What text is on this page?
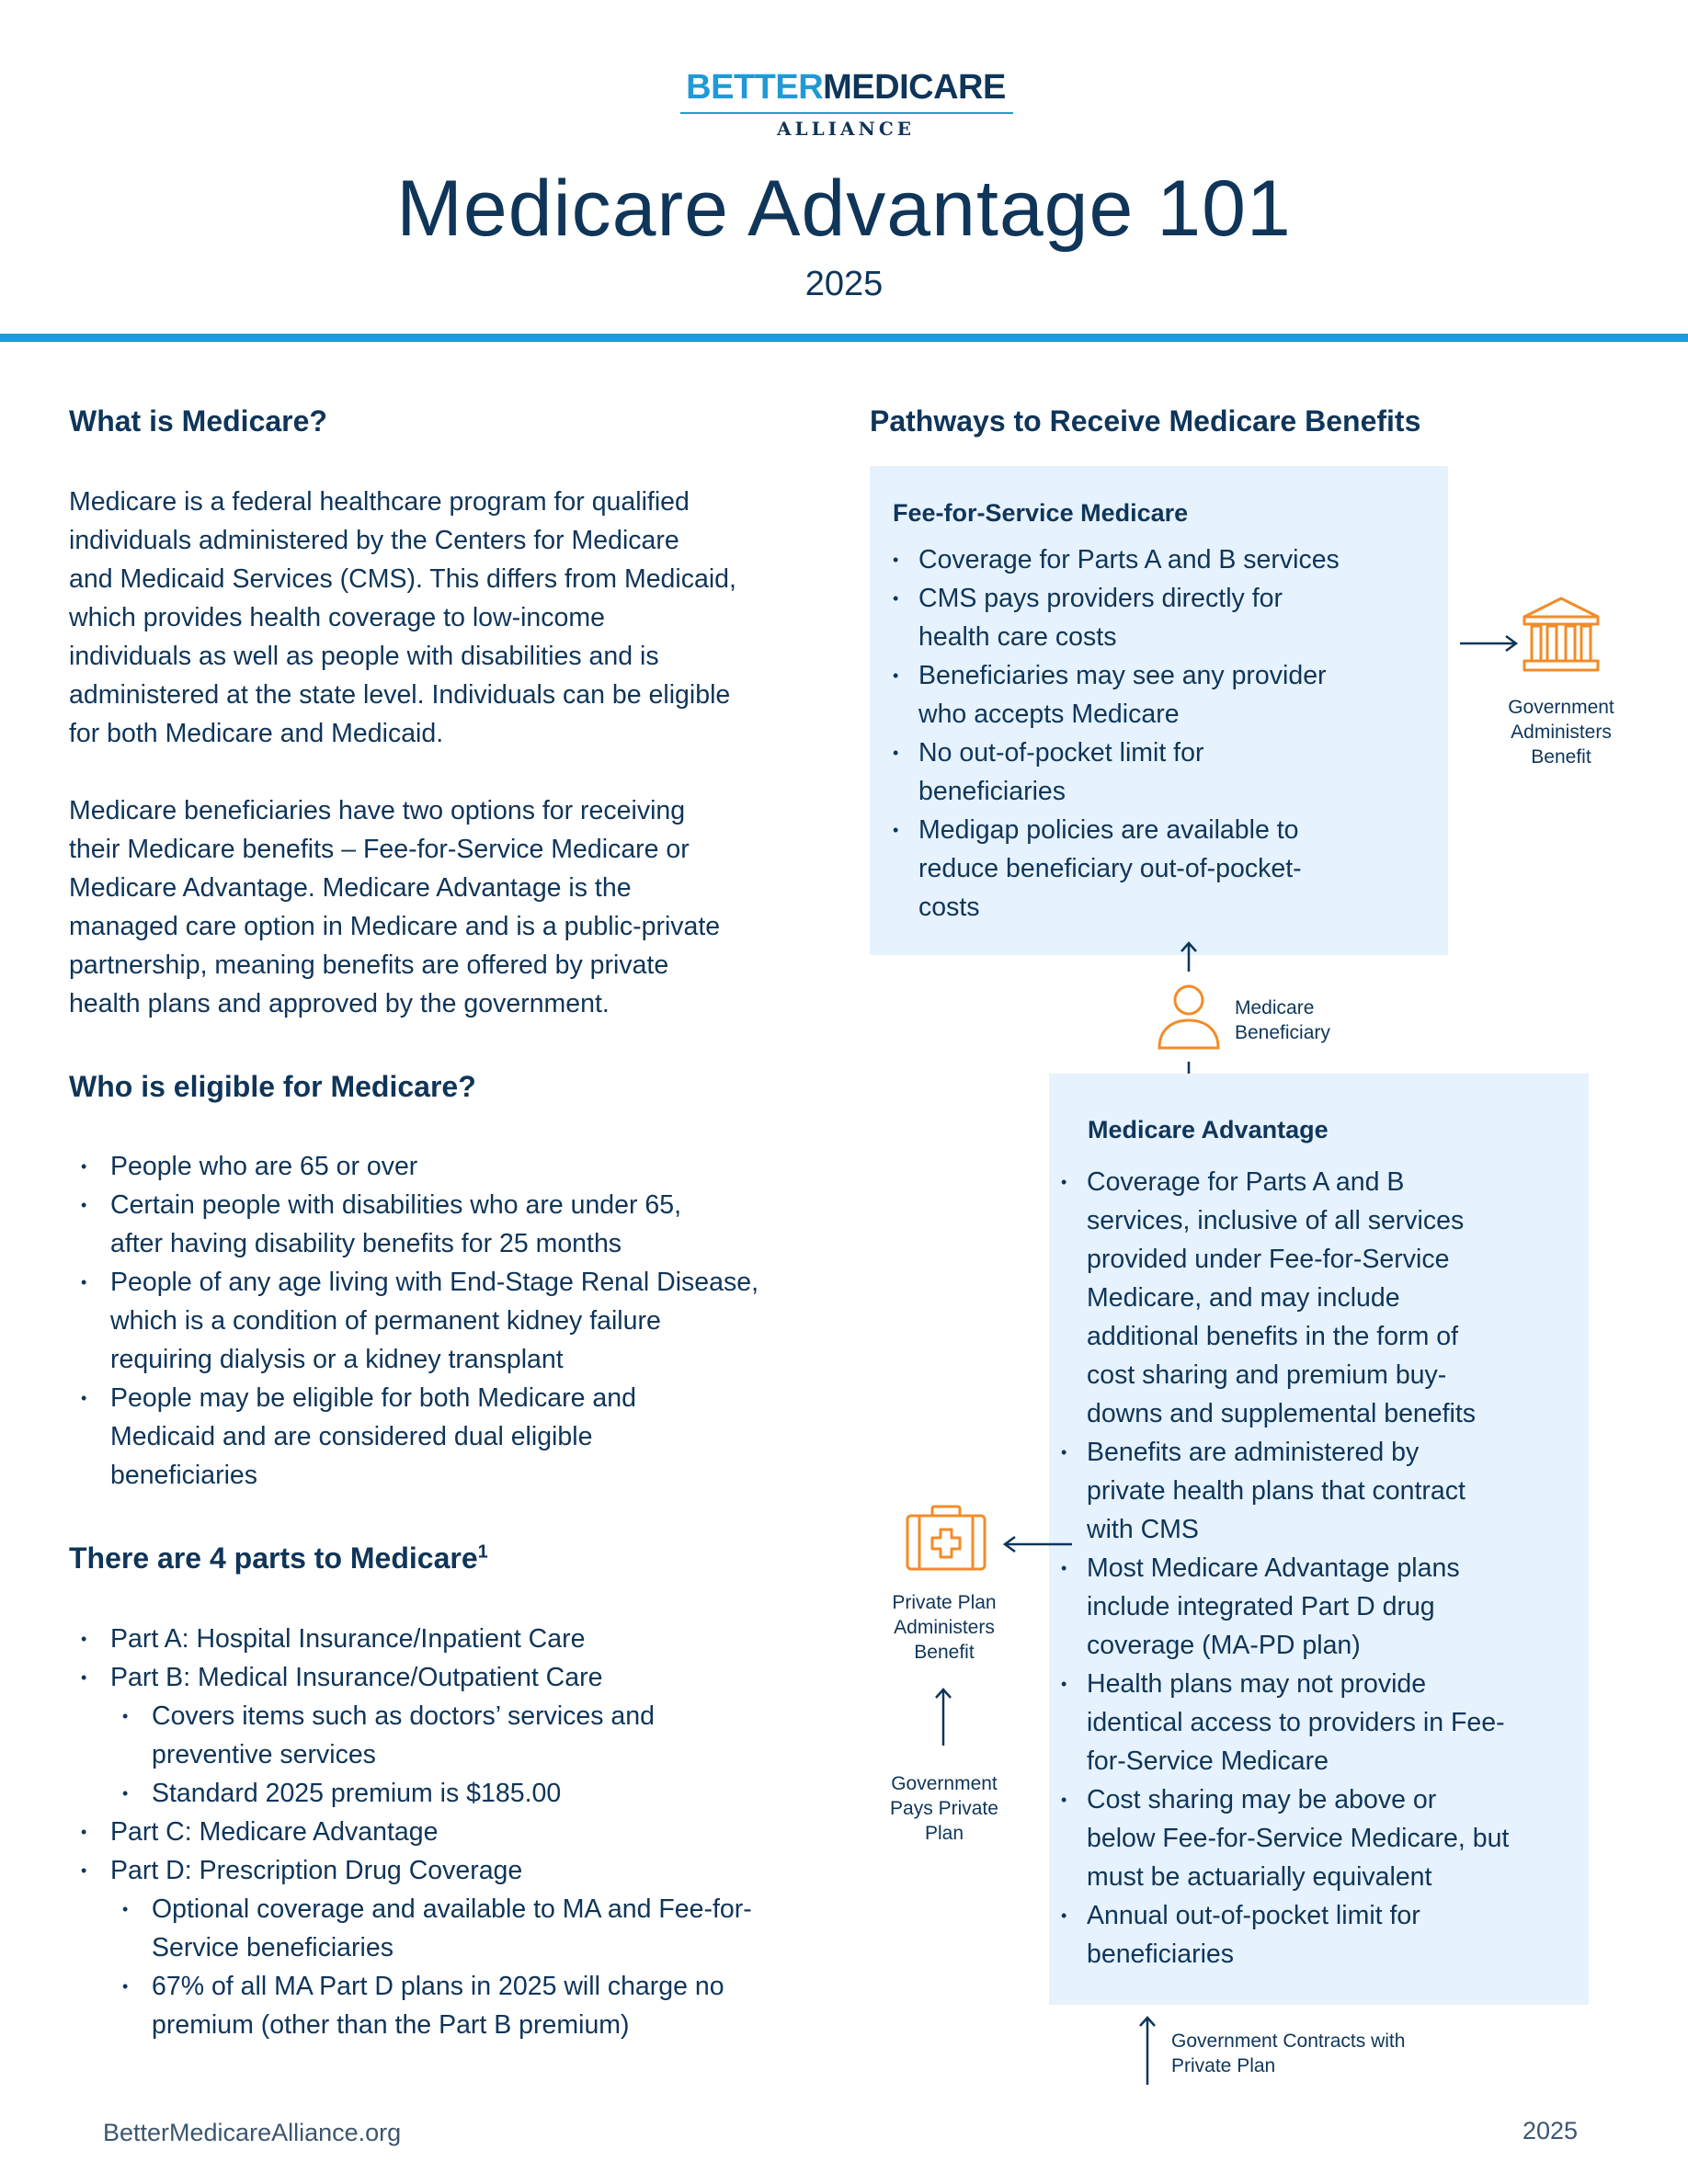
BETTERMEDICARE
ALLIANCE
Medicare Advantage 101
2025
What is Medicare?
Medicare is a federal healthcare program for qualified
individuals administered by the Centers for Medicare
and Medicaid Services (CMS). This differs from Medicaid,
which provides health coverage to low-income
individuals as well as people with disabilities and is
administered at the state level. Individuals can be eligible
for both Medicare and Medicaid.
Medicare beneficiaries have two options for receiving
their Medicare benefits – Fee-for-Service Medicare or
Medicare Advantage. Medicare Advantage is the
managed care option in Medicare and is a public-private
partnership, meaning benefits are offered by private
health plans and approved by the government.
Who is eligible for Medicare?
• People who are 65 or over
• Certain people with disabilities who are under 65,
after having disability benefits for 25 months
• People of any age living with End-Stage Renal Disease,
which is a condition of permanent kidney failure
requiring dialysis or a kidney transplant
• People may be eligible for both Medicare and
Medicaid and are considered dual eligible
beneficiaries
There are 4 parts to Medicare$^1$
• Part A: Hospital Insurance/Inpatient Care
• Part B: Medical Insurance/Outpatient Care
• Covers items such as doctors’ services and
preventive services
• Standard 2025 premium is $185.00
• Part C: Medicare Advantage
• Part D: Prescription Drug Coverage
• Optional coverage and available to MA and Fee-for-
Service beneficiaries
• 67% of all MA Part D plans in 2025 will charge no
premium (other than the Part B premium)
Pathways to Receive Medicare Benefits
Fee-for-Service Medicare
• Coverage for Parts A and B services
• CMS pays providers directly for
health care costs
• Beneficiaries may see any provider
who accepts Medicare
• No out-of-pocket limit for
beneficiaries
• Medigap policies are available to
reduce beneficiary out-of-pocket-
costs
Government
Administers
Benefit
Medicare
Beneficiary
Medicare Advantage
• Coverage for Parts A and B
services, inclusive of all services
provided under Fee-for-Service
Medicare, and may include
additional benefits in the form of
cost sharing and premium buy-
downs and supplemental benefits
• Benefits are administered by
private health plans that contract
with CMS
• Most Medicare Advantage plans
include integrated Part D drug
coverage (MA-PD plan)
• Health plans may not provide
identical access to providers in Fee-
for-Service Medicare
• Cost sharing may be above or
below Fee-for-Service Medicare, but
must be actuarially equivalent
• Annual out-of-pocket limit for
beneficiaries
Private Plan
Administers
Benefit
Government
Pays Private
Plan
Government Contracts with
Private Plan
BetterMedicareAlliance.org	2025
